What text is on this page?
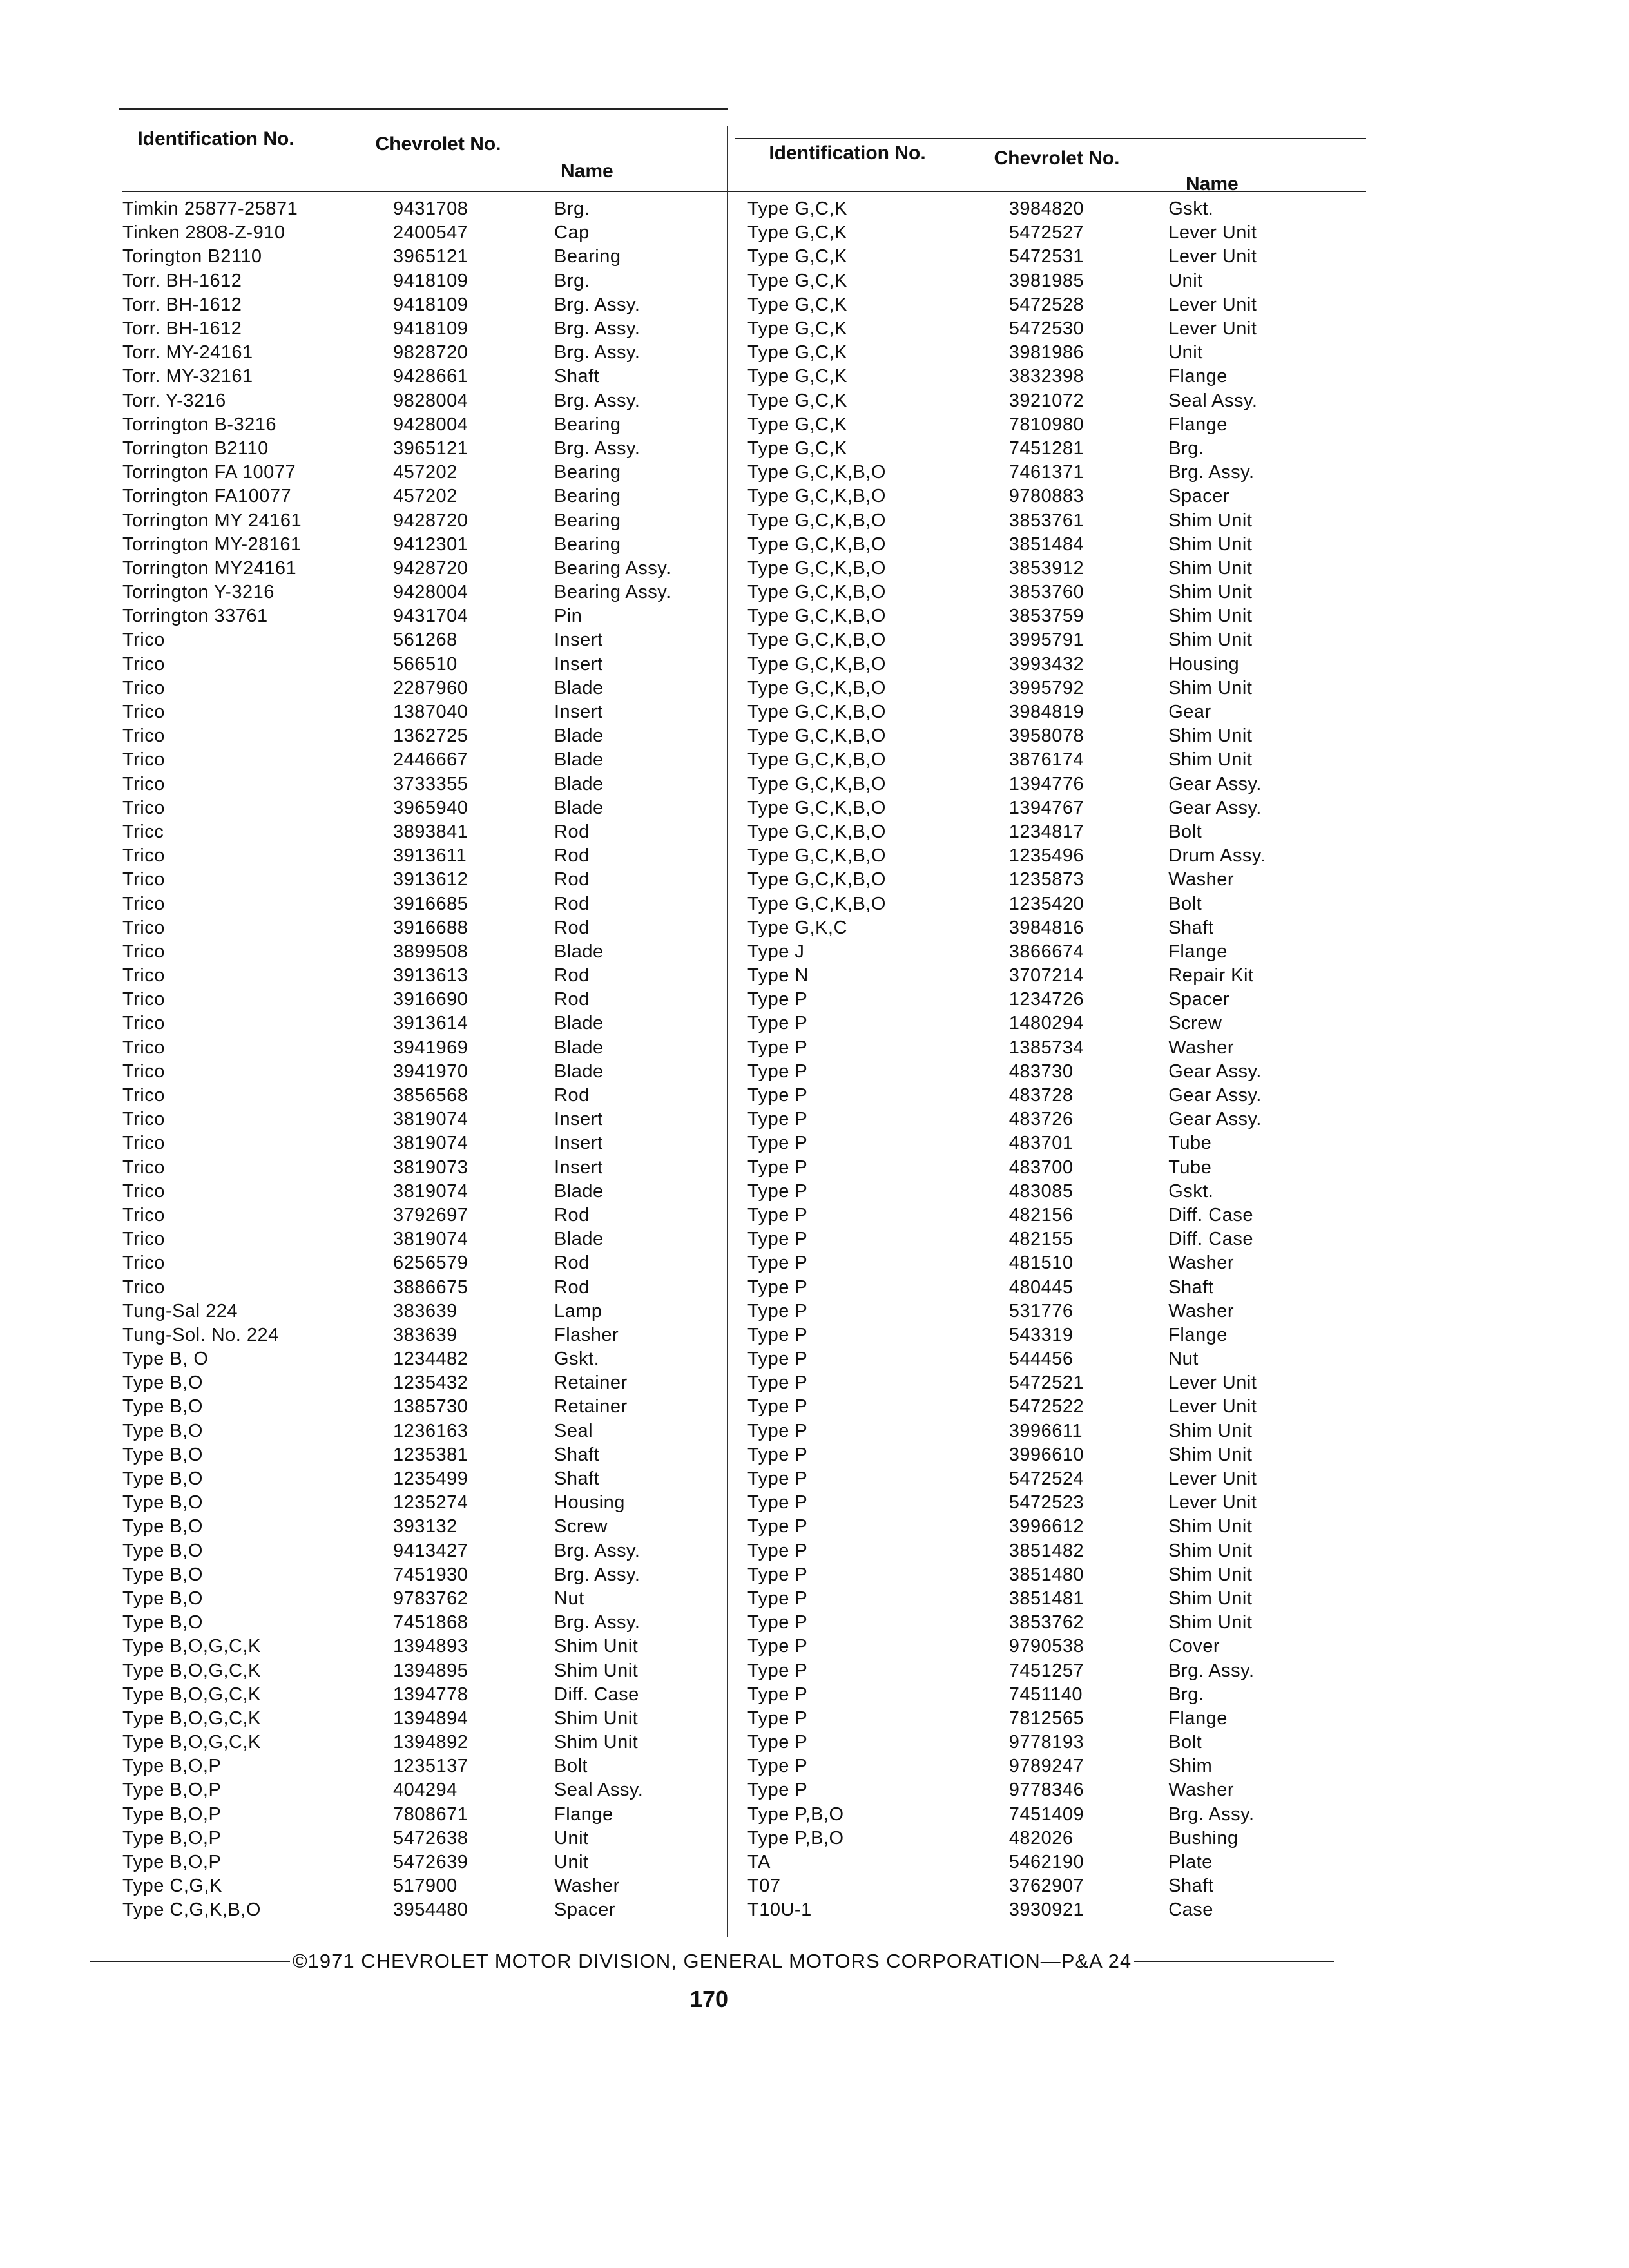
Identification No.	Chevrolet No.
Name
Timkin 25877-25871	9431708	Brg.
Tinken 2808-Z-910	2400547	Cap
Torington B2110	3965121	Bearing
Torr. BH-1612	9418109	Brg.
Torr. BH-1612	9418109	Brg. Assy.
Torr. BH-1612	9418109	Brg. Assy.
Torr. MY-24161	9828720	Brg. Assy.
Torr. MY-32161	9428661	Shaft
Torr. Y-3216	9828004	Brg. Assy.
Torrington B-3216	9428004	Bearing
Torrington B2110	3965121	Brg. Assy.
Torrington FA 10077	457202	Bearing
Torrington FA10077	457202	Bearing
Torrington MY 24161	9428720	Bearing
Torrington MY-28161	9412301	Bearing
Torrington MY24161	9428720	Bearing Assy.
Torrington Y-3216	9428004	Bearing Assy.
Torrington 33761	9431704	Pin
Trico	561268	Insert
Trico	566510	Insert
Trico	2287960	Blade
Trico	1387040	Insert
Trico	1362725	Blade
Trico	2446667	Blade
Trico	3733355	Blade
Trico	3965940	Blade
Tricc	3893841	Rod
Trico	3913611	Rod
Trico	3913612	Rod
Trico	3916685	Rod
Trico	3916688	Rod
Trico	3899508	Blade
Trico	3913613	Rod
Trico	3916690	Rod
Trico	3913614	Blade
Trico	3941969	Blade
Trico	3941970	Blade
Trico	3856568	Rod
Trico	3819074	Insert
Trico	3819074	Insert
Trico	3819073	Insert
Trico	3819074	Blade
Trico	3792697	Rod
Trico	3819074	Blade
Trico	6256579	Rod
Trico	3886675	Rod
Tung-Sal 224	383639	Lamp
Tung-Sol. No. 224	383639	Flasher
Type B, O	1234482	Gskt.
Type B,O	1235432	Retainer
Type B,O	1385730	Retainer
Type B,O	1236163	Seal
Type B,O	1235381	Shaft
Type B,O	1235499	Shaft
Type B,O	1235274	Housing
Type B,O	393132	Screw
Type B,O	9413427	Brg. Assy.
Type B,O	7451930	Brg. Assy.
Type B,O	9783762	Nut
Type B,O	7451868	Brg. Assy.
Type B,O,G,C,K	1394893	Shim Unit
Type B,O,G,C,K	1394895	Shim Unit
Type B,O,G,C,K	1394778	Diff. Case
Type B,O,G,C,K	1394894	Shim Unit
Type B,O,G,C,K	1394892	Shim Unit
Type B,O,P	1235137	Bolt
Type B,O,P	404294	Seal Assy.
Type B,O,P	7808671	Flange
Type B,O,P	5472638	Unit
Type B,O,P	5472639	Unit
Type C,G,K	517900	Washer
Type C,G,K,B,O	3954480	Spacer
Identification No.	Chevrolet No.
Name
Type G,C,K	3984820	Gskt.
Type G,C,K	5472527	Lever Unit
Type G,C,K	5472531	Lever Unit
Type G,C,K	3981985	Unit
Type G,C,K	5472528	Lever Unit
Type G,C,K	5472530	Lever Unit
Type G,C,K	3981986	Unit
Type G,C,K	3832398	Flange
Type G,C,K	3921072	Seal Assy.
Type G,C,K	7810980	Flange
Type G,C,K	7451281	Brg.
Type G,C,K,B,O	7461371	Brg. Assy.
Type G,C,K,B,O	9780883	Spacer
Type G,C,K,B,O	3853761	Shim Unit
Type G,C,K,B,O	3851484	Shim Unit
Type G,C,K,B,O	3853912	Shim Unit
Type G,C,K,B,O	3853760	Shim Unit
Type G,C,K,B,O	3853759	Shim Unit
Type G,C,K,B,O	3995791	Shim Unit
Type G,C,K,B,O	3993432	Housing
Type G,C,K,B,O	3995792	Shim Unit
Type G,C,K,B,O	3984819	Gear
Type G,C,K,B,O	3958078	Shim Unit
Type G,C,K,B,O	3876174	Shim Unit
Type G,C,K,B,O	1394776	Gear Assy.
Type G,C,K,B,O	1394767	Gear Assy.
Type G,C,K,B,O	1234817	Bolt
Type G,C,K,B,O	1235496	Drum Assy.
Type G,C,K,B,O	1235873	Washer
Type G,C,K,B,O	1235420	Bolt
Type G,K,C	3984816	Shaft
Type J	3866674	Flange
Type N	3707214	Repair Kit
Type P	1234726	Spacer
Type P	1480294	Screw
Type P	1385734	Washer
Type P	483730	Gear Assy.
Type P	483728	Gear Assy.
Type P	483726	Gear Assy.
Type P	483701	Tube
Type P	483700	Tube
Type P	483085	Gskt.
Type P	482156	Diff. Case
Type P	482155	Diff. Case
Type P	481510	Washer
Type P	480445	Shaft
Type P	531776	Washer
Type P	543319	Flange
Type P	544456	Nut
Type P	5472521	Lever Unit
Type P	5472522	Lever Unit
Type P	3996611	Shim Unit
Type P	3996610	Shim Unit
Type P	5472524	Lever Unit
Type P	5472523	Lever Unit
Type P	3996612	Shim Unit
Type P	3851482	Shim Unit
Type P	3851480	Shim Unit
Type P	3851481	Shim Unit
Type P	3853762	Shim Unit
Type P	9790538	Cover
Type P	7451257	Brg. Assy.
Type P	7451140	Brg.
Type P	7812565	Flange
Type P	9778193	Bolt
Type P	9789247	Shim
Type P	9778346	Washer
Type P,B,O	7451409	Brg. Assy.
Type P,B,O	482026	Bushing
TA	5462190	Plate
T07	3762907	Shaft
T10U-1	3930921	Case
©1971 CHEVROLET MOTOR DIVISION, GENERAL MOTORS CORPORATION—P&A 24
170
